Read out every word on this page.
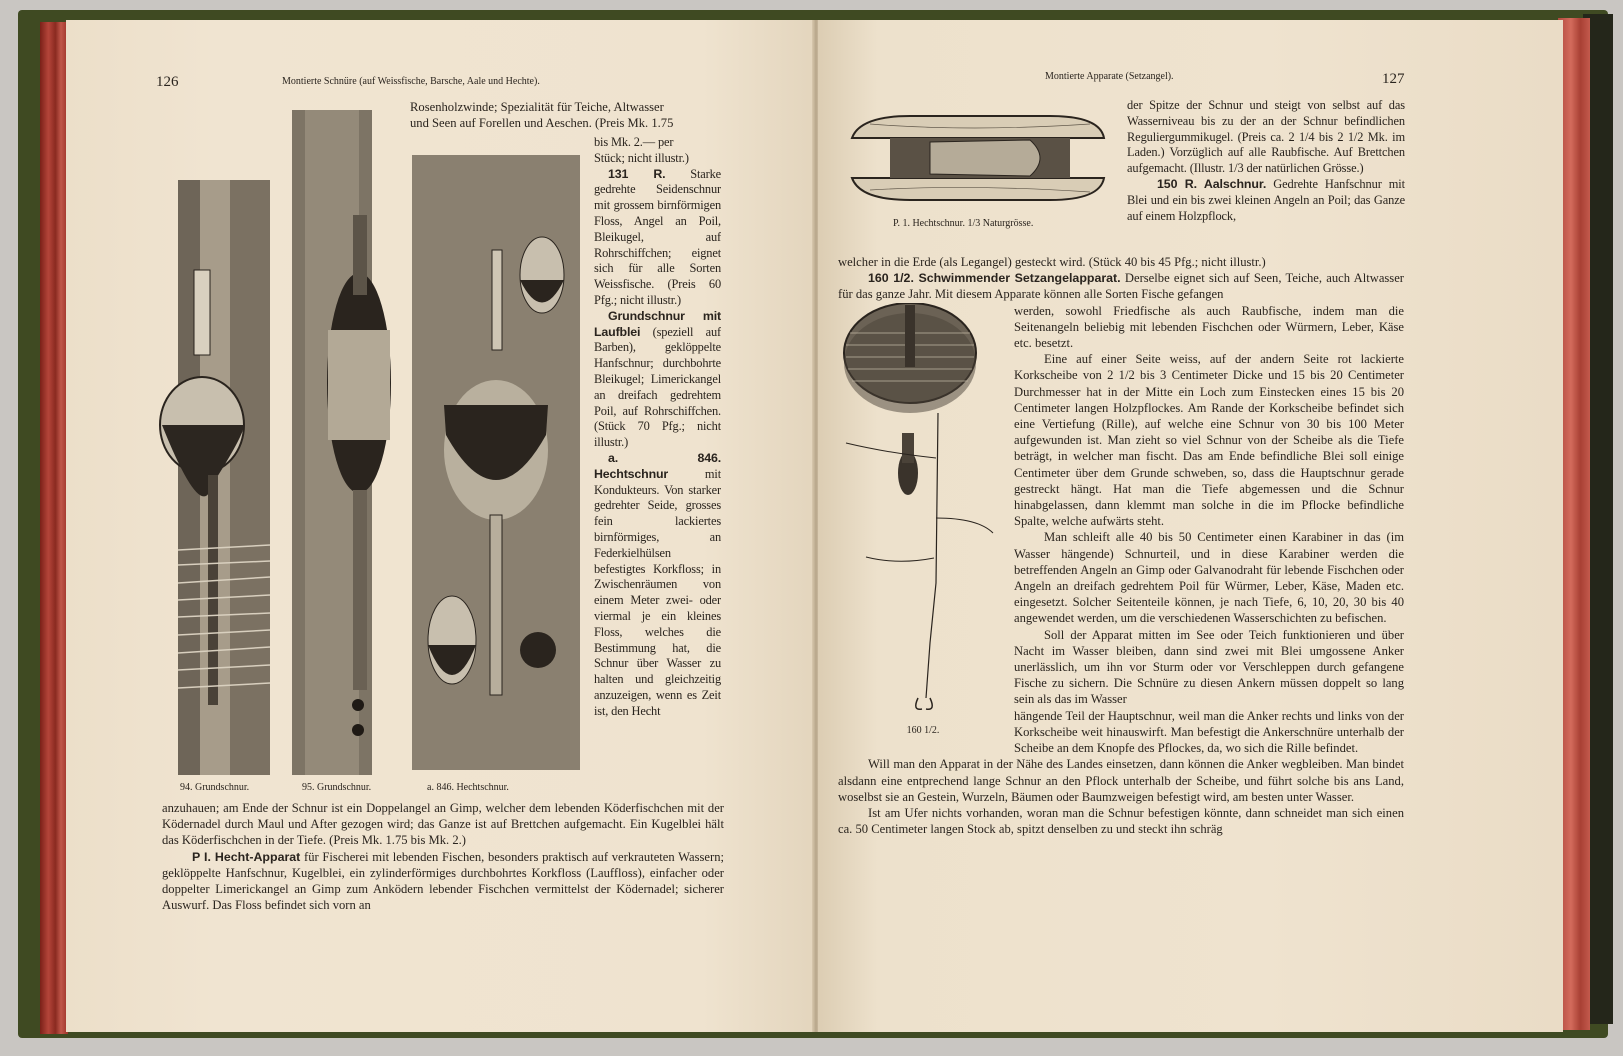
126	Montierte Schnüre (auf Weissfische, Barsche, Aale und Hechte).
94. Grundschnur.	95. Grundschnur.	a. 846. Hechtschnur.

Rosenholzwinde; Spezialität für Teiche, Altwasser

und Seen auf Forellen und Aeschen. (Preis Mk. 1.75

bis Mk. 2.— per

Stück; nicht illustr.)

131 R. Starke gedrehte Seidenschnur mit grossem birnförmigen Floss, Angel an Poil, Bleikugel, auf Rohrschiffchen; eignet sich für alle Sorten Weissfische. (Preis 60 Pfg.; nicht illustr.)

Grundschnur mit Laufblei (speziell auf Barben), geklöppelte Hanfschnur; durchbohrte Bleikugel; Limerickangel an dreifach gedrehtem Poil, auf Rohrschiffchen. (Stück 70 Pfg.; nicht illustr.)

a. 846. Hechtschnur	mit Konduktеurs. Von starker gedrehter Seide, grosses fein lackiertes birnförmiges, an Federkielhülsen befestigtes Korkfloss; in Zwischenräumen von einem Meter zwei- oder viermal je ein kleines Floss, welches die Bestimmung hat, die Schnur über Wasser zu halten und gleichzeitig anzuzeigen, wenn es Zeit ist, den Hecht

anzuhauen; am Ende der Schnur ist ein Doppelangel an Gimp, welcher dem lebenden Köderfischchen mit der Ködernadel durch Maul und After gezogen wird; das Ganze ist auf Brettchen aufgemacht. Ein Kugelblei hält das Köderfischchen in der Tiefe. (Preis Mk. 1.75 bis Mk. 2.)

P I. Hecht-Apparat für Fischerei mit lebenden Fischen, besonders praktisch auf verkrauteten Wassern; geklöppelte Hanfschnur, Kugelblei, ein zylinderförmiges durchbohrtes Korkfloss (Lauffloss), einfacher oder doppelter Limerickangel an Gimp zum Anködern lebender Fischchen vermittelst der Ködernadel; sicherer Auswurf. Das Floss befindet sich vorn an

Montierte Apparate (Setzangel).	127
P. 1. Hechtschnur. 1/3 Naturgrösse.

der Spitze der Schnur und steigt von selbst auf das Wasserniveau bis zu der an der Schnur befindlichen Reguliergummikugel. (Preis ca. 2 1/4 bis 2 1/2 Mk. im Laden.) Vorzüglich auf alle Raubfische. Auf Brettchen aufgemacht. (Illustr. 1/3 der natürlichen Grösse.)

150 R. Aalschnur. Gedrehte Hanfschnur mit Blei und ein bis zwei kleinen Angeln an Poil; das Ganze auf einem Holzpflock,

welcher in die Erde (als Legangel) gesteckt wird. (Stück 40 bis 45 Pfg.; nicht illustr.)

160 1/2. Schwimmender Setzangelapparat. Derselbe eignet sich auf Seen, Teiche, auch Altwasser für das ganze Jahr. Mit diesem Apparate können alle Sorten Fische gefangen

160 1/2.

werden, sowohl Friedfische als auch Raubfische, indem man die Seitenangeln beliebig mit lebenden Fischchen oder Würmern, Leber, Käse etc. besetzt.

Eine auf einer Seite weiss, auf der andern Seite rot lackierte Korkscheibe von 2 1/2 bis 3 Centimeter Dicke und 15 bis 20 Centimeter Durchmesser hat in der Mitte ein Loch zum Einstecken eines 15 bis 20 Centimeter langen Holzpflockes. Am Rande der Korkscheibe befindet sich eine Vertiefung (Rille), auf welche eine Schnur von 30 bis 100 Meter aufgewunden ist. Man zieht so viel Schnur von der Scheibe als die Tiefe beträgt, in welcher man fischt. Das am Ende befindliche Blei soll einige Centimeter über dem Grunde schweben, so, dass die Hauptschnur gerade gestreckt hängt. Hat man die Tiefe abgemessen und die Schnur hinabgelassen, dann klemmt man solche in die im Pflocke befindliche Spalte, welche aufwärts steht.

Man schleift alle 40 bis 50 Centimeter einen Karabiner in das (im Wasser hängende) Schnurteil, und in diese Karabiner werden die betreffenden Angeln an Gimp oder Galvanodraht für lebende Fischchen oder Angeln an dreifach gedrehtem Poil für Würmer, Leber, Käse, Maden etc. eingesetzt. Solcher Seitenteile können, je nach Tiefe, 6, 10, 20, 30 bis 40 angewendet werden, um die verschiedenen Wasserschichten zu befischen.

Soll der Apparat mitten im See oder Teich funktionieren und über Nacht im Wasser bleiben, dann sind zwei mit Blei umgossene Anker unerlässlich, um ihn vor Sturm oder vor Verschleppen durch gefangene Fische zu sichern. Die Schnüre zu diesen Ankern müssen doppelt so lang sein als das im Wasser

hängende Teil der Hauptschnur, weil man die Anker rechts und links von der Korkscheibe weit hinauswirft. Man befestigt die Ankerschnüre unterhalb der Scheibe an dem Knopfe des Pflockes, da, wo sich die Rille befindet.

Will man den Apparat in der Nähe des Landes einsetzen, dann können die Anker wegbleiben. Man bindet alsdann eine entprechend lange Schnur an den Pflock unterhalb der Scheibe, und führt solche bis ans Land, woselbst sie an Gestein, Wurzeln, Bäumen oder Baumzweigen befestigt wird, am besten unter Wasser.

Ist am Ufer nichts vorhanden, woran man die Schnur befestigen könnte, dann schneidet man sich einen ca. 50 Centimeter langen Stock ab, spitzt denselben zu und steckt ihn schräg
